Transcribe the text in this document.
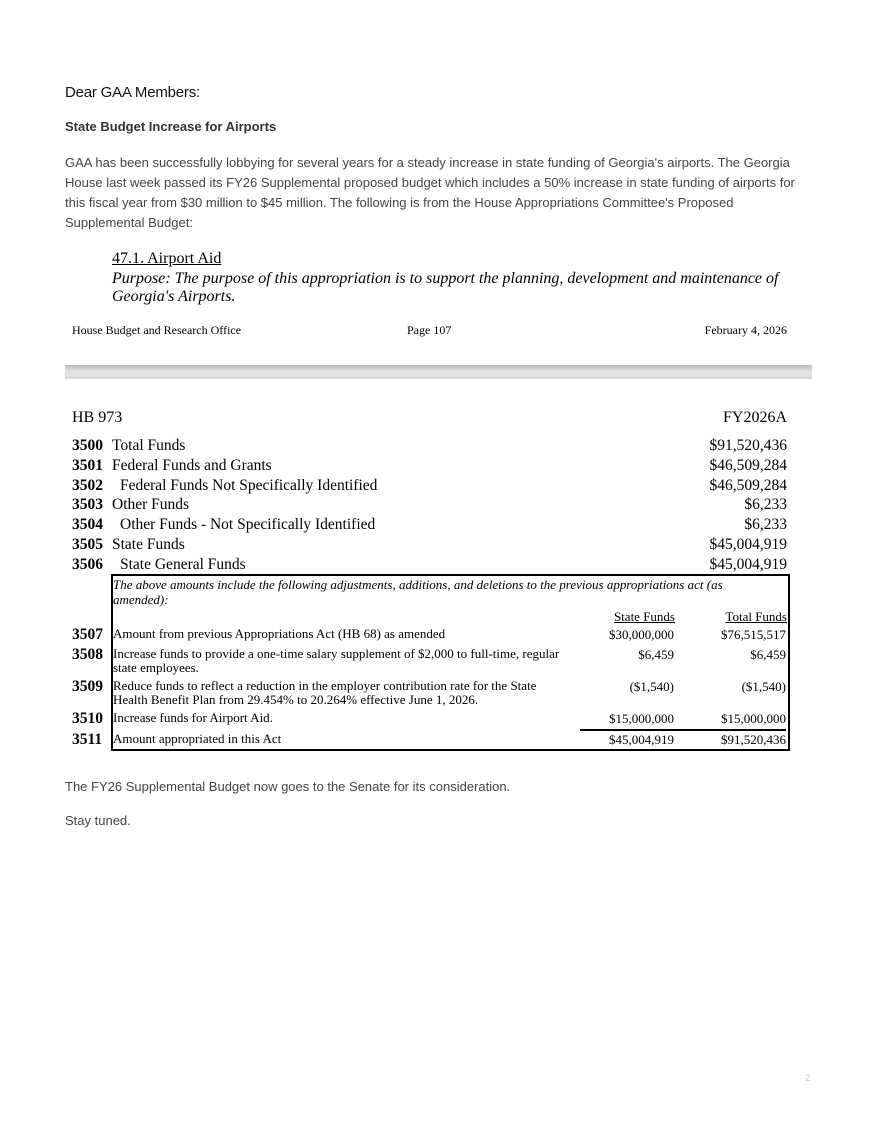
Dear GAA Members:
State Budget Increase for Airports
GAA has been successfully lobbying for several years for a steady increase in state funding of Georgia's airports. The Georgia House last week passed its FY26 Supplemental proposed budget which includes a 50% increase in state funding of airports for this fiscal year from $30 million to $45 million. The following is from the House Appropriations Committee's Proposed Supplemental Budget:
47.1. Airport Aid
Purpose: The purpose of this appropriation is to support the planning, development and maintenance of Georgia's Airports.
House Budget and Research Office	Page 107	February 4, 2026
HB 973	FY2026A
3500 Total Funds	$91,520,436
3501 Federal Funds and Grants	$46,509,284
3502 Federal Funds Not Specifically Identified	$46,509,284
3503 Other Funds	$6,233
3504 Other Funds - Not Specifically Identified	$6,233
3505 State Funds	$45,004,919
3506 State General Funds	$45,004,919
The above amounts include the following adjustments, additions, and deletions to the previous appropriations act (as amended):
State Funds	Total Funds
3507 Amount from previous Appropriations Act (HB 68) as amended	$30,000,000	$76,515,517
3508 Increase funds to provide a one-time salary supplement of $2,000 to full-time, regular state employees.
$6,459	$6,459
3509 Reduce funds to reflect a reduction in the employer contribution rate for the State Health Benefit Plan from 29.454% to 20.264% effective June 1, 2026.
($1,540)	($1,540)
3510 Increase funds for Airport Aid.	$15,000,000	$15,000,000
3511 Amount appropriated in this Act	$45,004,919	$91,520,436
The FY26 Supplemental Budget now goes to the Senate for its consideration.
Stay tuned.
2
